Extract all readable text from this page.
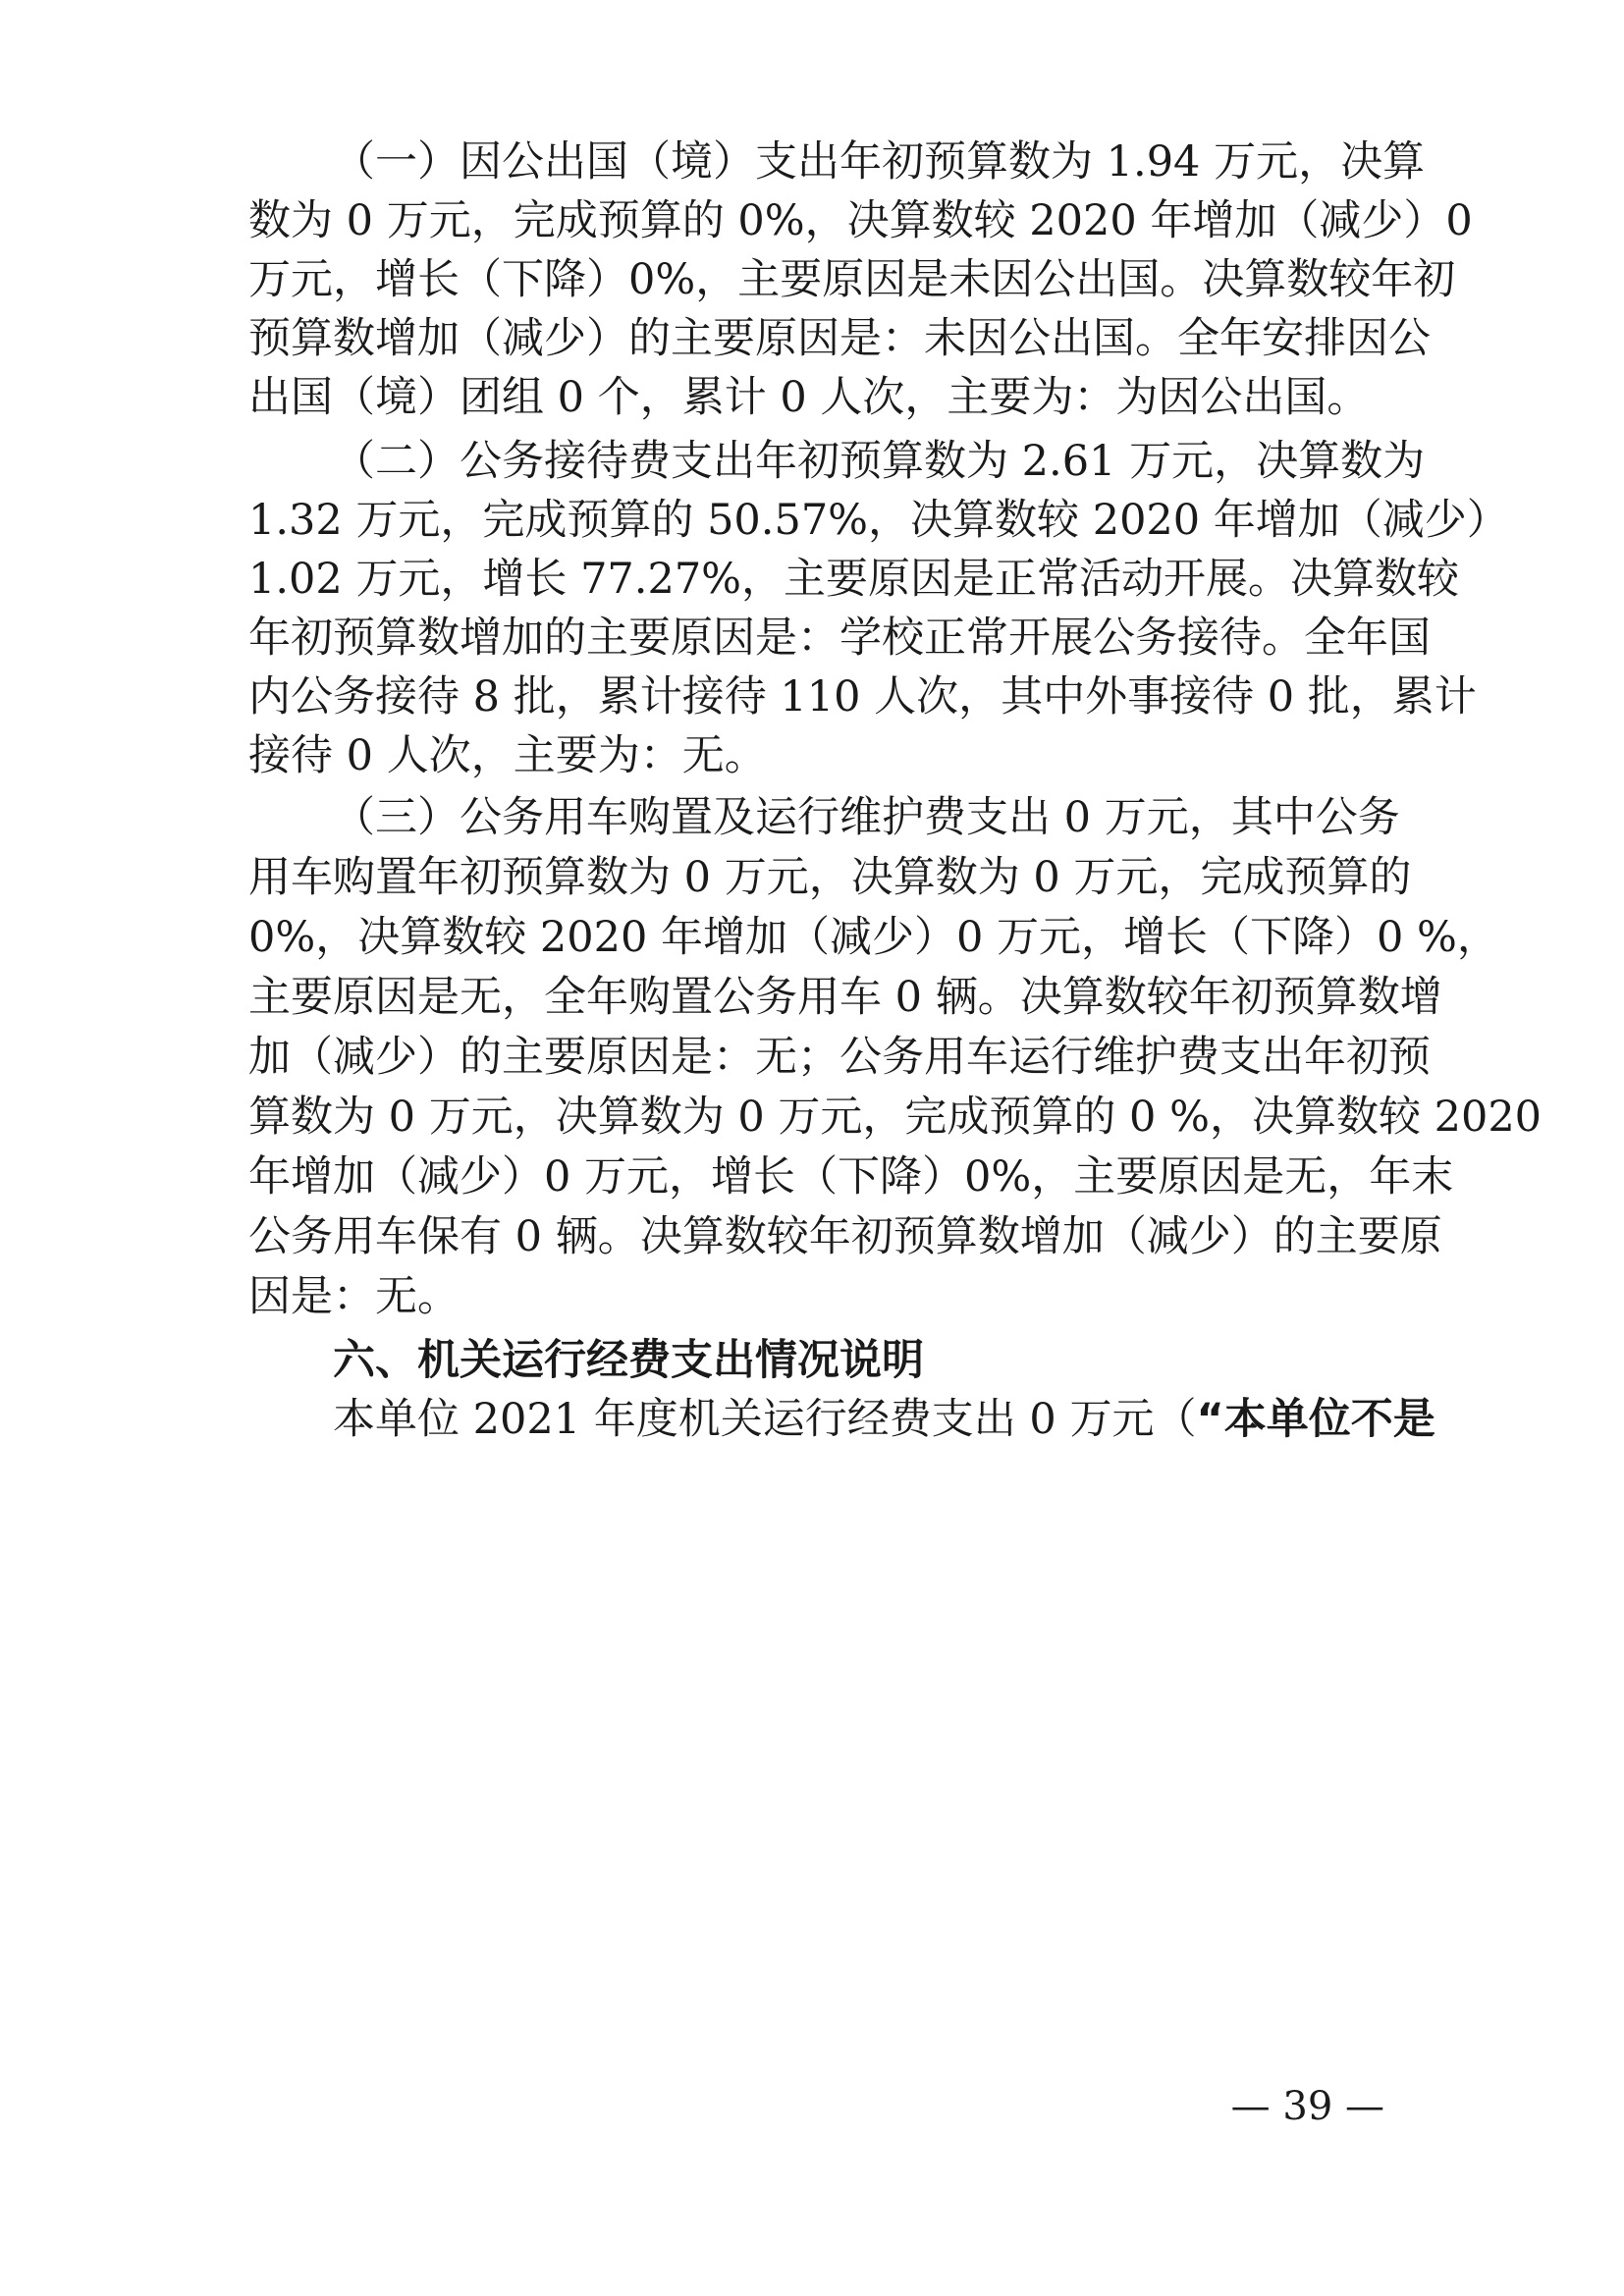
（一）因公出国（境）支出年初预算数为 1.94 万元，决算
数为 0 万元，完成预算的 0%，决算数较 2020 年增加（减少）0
万元，增长（下降）0%，主要原因是未因公出国。决算数较年初
预算数增加（减少）的主要原因是：未因公出国。全年安排因公
出国（境）团组 0 个，累计 0 人次，主要为：为因公出国。
（二）公务接待费支出年初预算数为 2.61 万元，决算数为
1.32 万元，完成预算的 50.57%，决算数较 2020 年增加（减少）
1.02 万元，增长 77.27%，主要原因是正常活动开展。决算数较
年初预算数增加的主要原因是：学校正常开展公务接待。全年国
内公务接待 8 批，累计接待 110 人次，其中外事接待 0 批，累计
接待 0 人次，主要为：无。
（三）公务用车购置及运行维护费支出 0 万元，其中公务
用车购置年初预算数为 0 万元，决算数为 0 万元，完成预算的
0%，决算数较 2020 年增加（减少）0 万元，增长（下降）0 %，
主要原因是无，全年购置公务用车 0 辆。决算数较年初预算数增
加（减少）的主要原因是：无；公务用车运行维护费支出年初预
算数为 0 万元，决算数为 0 万元，完成预算的 0 %，决算数较 2020
年增加（减少）0 万元，增长（下降）0%，主要原因是无，年末
公务用车保有 0 辆。决算数较年初预算数增加（减少）的主要原
因是：无。
六、机关运行经费支出情况说明
本单位 2021 年度机关运行经费支出 0 万元（“本单位不是
— 39 —
